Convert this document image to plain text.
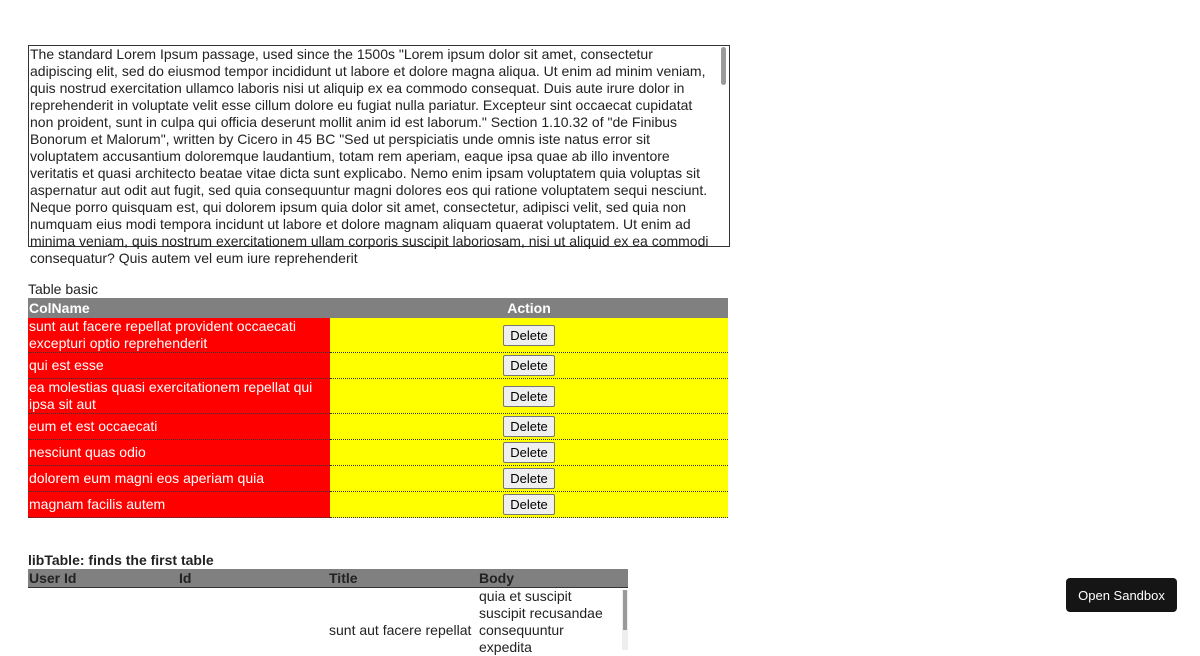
The standard Lorem Ipsum passage, used since the 1500s "Lorem ipsum dolor sit amet, consectetur adipiscing elit, sed do eiusmod tempor incididunt ut labore et dolore magna aliqua. Ut enim ad minim veniam, quis nostrud exercitation ullamco laboris nisi ut aliquip ex ea commodo consequat. Duis aute irure dolor in reprehenderit in voluptate velit esse cillum dolore eu fugiat nulla pariatur. Excepteur sint occaecat cupidatat non proident, sunt in culpa qui officia deserunt mollit anim id est laborum." Section 1.10.32 of "de Finibus Bonorum et Malorum", written by Cicero in 45 BC "Sed ut perspiciatis unde omnis iste natus error sit voluptatem accusantium doloremque laudantium, totam rem aperiam, eaque ipsa quae ab illo inventore veritatis et quasi architecto beatae vitae dicta sunt explicabo. Nemo enim ipsam voluptatem quia voluptas sit aspernatur aut odit aut fugit, sed quia consequuntur magni dolores eos qui ratione voluptatem sequi nesciunt. Neque porro quisquam est, qui dolorem ipsum quia dolor sit amet, consectetur, adipisci velit, sed quia non numquam eius modi tempora incidunt ut labore et dolore magnam aliquam quaerat voluptatem. Ut enim ad minima veniam, quis nostrum exercitationem ullam corporis suscipit laboriosam, nisi ut aliquid ex ea commodi consequatur? Quis autem vel eum iure reprehenderit
Table basic
ColName	Action
sunt aut facere repellat provident occaecati excepturi optio reprehenderit	Delete
qui est esse	Delete
ea molestias quasi exercitationem repellat qui ipsa sit aut	Delete
eum et est occaecati	Delete
nesciunt quas odio	Delete
dolorem eum magni eos aperiam quia	Delete
magnam facilis autem	Delete
libTable: finds the first table
User Id	Id	Title	Body
		sunt aut facere repellat	quia et suscipit suscipit recusandae consequuntur expedita
Open Sandbox
